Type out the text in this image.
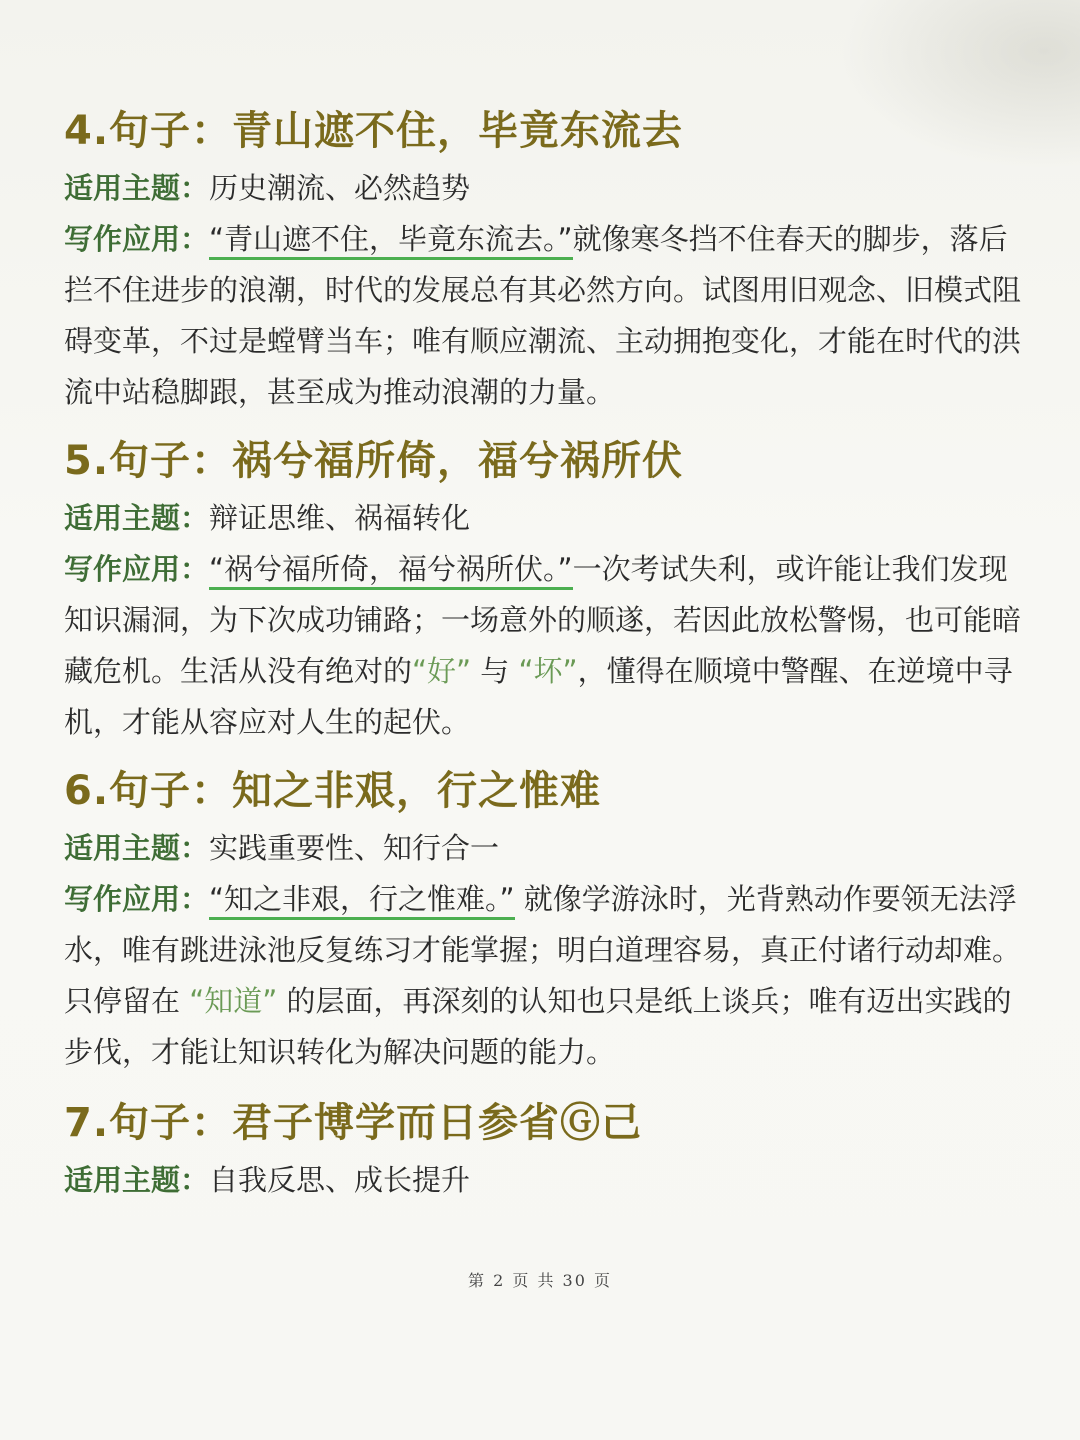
4.句子：青山遮不住，毕竟东流去

适用主题：历史潮流、必然趋势

写作应用：“青山遮不住，毕竟东流去。”就像寒冬挡不住春天的脚步，落后拦不住进步的浪潮，时代的发展总有其必然方向。试图用旧观念、旧模式阻碍变革，不过是螳臂当车；唯有顺应潮流、主动拥抱变化，才能在时代的洪流中站稳脚跟，甚至成为推动浪潮的力量。

5.句子：祸兮福所倚，福兮祸所伏

适用主题：辩证思维、祸福转化

写作应用：“祸兮福所倚，福兮祸所伏。”一次考试失利，或许能让我们发现知识漏洞，为下次成功铺路；一场意外的顺遂，若因此放松警惕，也可能暗藏危机。生活从没有绝对的“好” 与 “坏”，懂得在顺境中警醒、在逆境中寻机，才能从容应对人生的起伏。

6.句子：知之非艰，行之惟难

适用主题：实践重要性、知行合一

写作应用：“知之非艰，行之惟难。” 就像学游泳时，光背熟动作要领无法浮水，唯有跳进泳池反复练习才能掌握；明白道理容易，真正付诸行动却难。只停留在 “知道” 的层面，再深刻的认知也只是纸上谈兵；唯有迈出实践的步伐，才能让知识转化为解决问题的能力。

7.句子：君子博学而日参省Ⓖ己

适用主题：自我反思、成长提升

第 2 页 共 30 页
